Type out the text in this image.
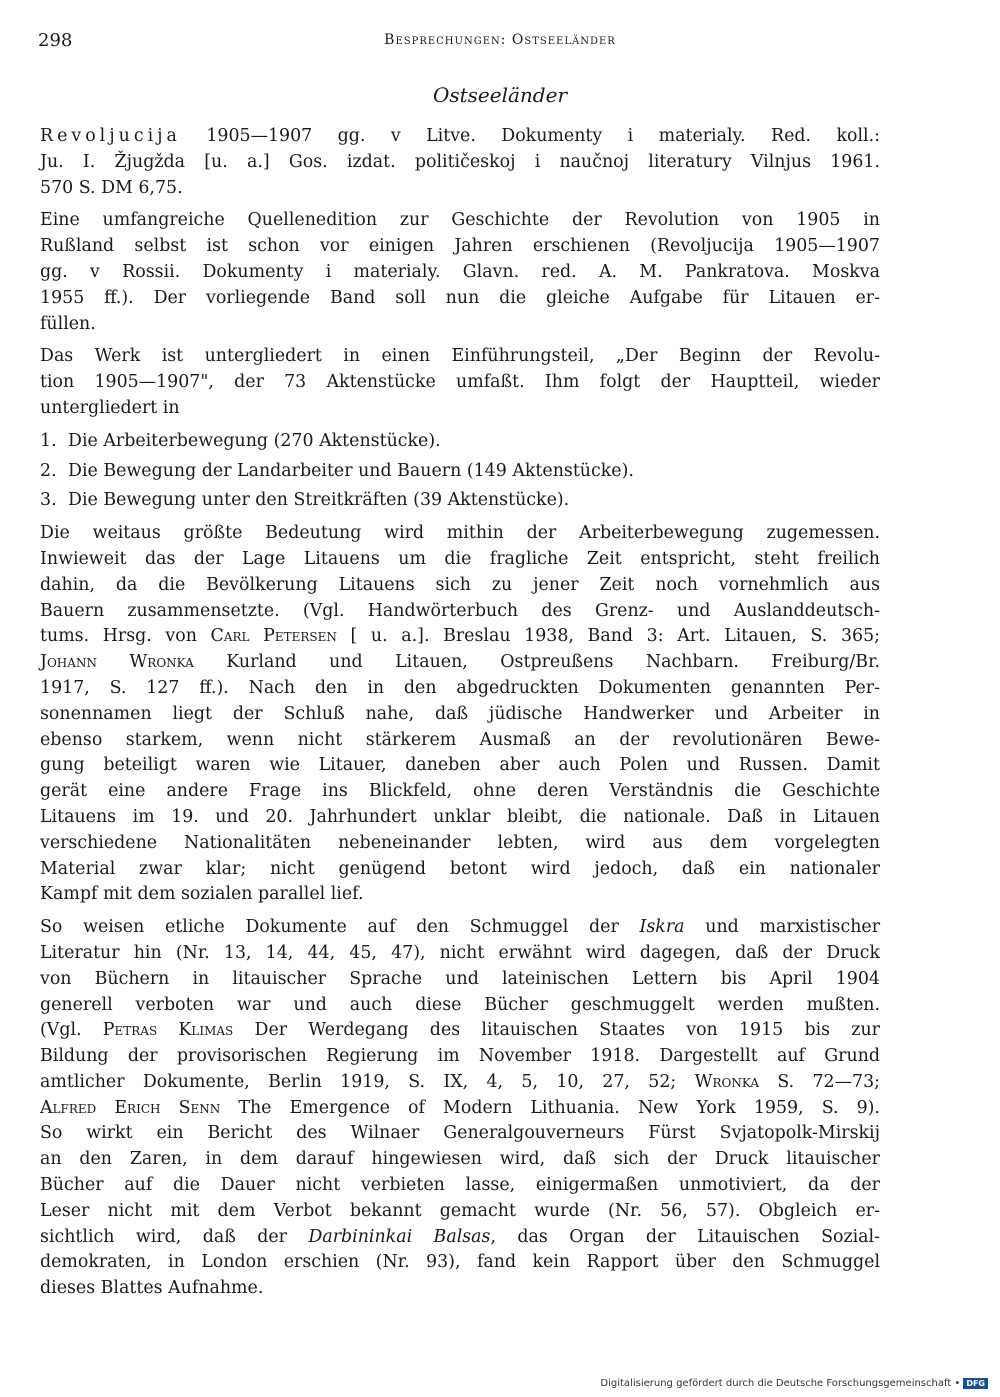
298	Besprechungen: Ostseeländer
Ostseeländer
Revoljucija 1905—1907 gg. v Litve. Dokumenty i materialy. Red. koll.:
Ju. I. Žjugžda [u. a.] Gos. izdat. političeskoj i naučnoj literatury Vilnjus 1961.
570 S. DM 6,75.
Eine umfangreiche Quellenedition zur Geschichte der Revolution von 1905 in
Rußland selbst ist schon vor einigen Jahren erschienen (Revoljucija 1905—1907
gg. v Rossii. Dokumenty i materialy. Glavn. red. A. M. Pankratova. Moskva
1955 ff.). Der vorliegende Band soll nun die gleiche Aufgabe für Litauen er-
füllen.
Das Werk ist untergliedert in einen Einführungsteil, „Der Beginn der Revolu-
tion 1905—1907", der 73 Aktenstücke umfaßt. Ihm folgt der Hauptteil, wieder
untergliedert in
1. Die Arbeiterbewegung (270 Aktenstücke).
2. Die Bewegung der Landarbeiter und Bauern (149 Aktenstücke).
3. Die Bewegung unter den Streitkräften (39 Aktenstücke).
Die weitaus größte Bedeutung wird mithin der Arbeiterbewegung zugemessen.
Inwieweit das der Lage Litauens um die fragliche Zeit entspricht, steht freilich
dahin, da die Bevölkerung Litauens sich zu jener Zeit noch vornehmlich aus
Bauern zusammensetzte. (Vgl. Handwörterbuch des Grenz- und Auslanddeutsch-
tums. Hrsg. von Carl Petersen [ u. a.]. Breslau 1938, Band 3: Art. Litauen, S. 365;
Johann Wronka Kurland und Litauen, Ostpreußens Nachbarn. Freiburg/Br.
1917, S. 127 ff.). Nach den in den abgedruckten Dokumenten genannten Per-
sonennamen liegt der Schluß nahe, daß jüdische Handwerker und Arbeiter in
ebenso starkem, wenn nicht stärkerem Ausmaß an der revolutionären Bewe-
gung beteiligt waren wie Litauer, daneben aber auch Polen und Russen. Damit
gerät eine andere Frage ins Blickfeld, ohne deren Verständnis die Geschichte
Litauens im 19. und 20. Jahrhundert unklar bleibt, die nationale. Daß in Litauen
verschiedene Nationalitäten nebeneinander lebten, wird aus dem vorgelegten
Material zwar klar; nicht genügend betont wird jedoch, daß ein nationaler
Kampf mit dem sozialen parallel lief.
So weisen etliche Dokumente auf den Schmuggel der Iskra und marxistischer
Literatur hin (Nr. 13, 14, 44, 45, 47), nicht erwähnt wird dagegen, daß der Druck
von Büchern in litauischer Sprache und lateinischen Lettern bis April 1904
generell verboten war und auch diese Bücher geschmuggelt werden mußten.
(Vgl. Petras Klimas Der Werdegang des litauischen Staates von 1915 bis zur
Bildung der provisorischen Regierung im November 1918. Dargestellt auf Grund
amtlicher Dokumente, Berlin 1919, S. IX, 4, 5, 10, 27, 52; Wronka S. 72—73;
Alfred Erich Senn The Emergence of Modern Lithuania. New York 1959, S. 9).
So wirkt ein Bericht des Wilnaer Generalgouverneurs Fürst Svjatopolk-Mirskij
an den Zaren, in dem darauf hingewiesen wird, daß sich der Druck litauischer
Bücher auf die Dauer nicht verbieten lasse, einigermaßen unmotiviert, da der
Leser nicht mit dem Verbot bekannt gemacht wurde (Nr. 56, 57). Obgleich er-
sichtlich wird, daß der Darbininkai Balsas, das Organ der Litauischen Sozial-
demokraten, in London erschien (Nr. 93), fand kein Rapport über den Schmuggel
dieses Blattes Aufnahme.
Digitalisierung gefördert durch die Deutsche Forschungsgemeinschaft • DFG
